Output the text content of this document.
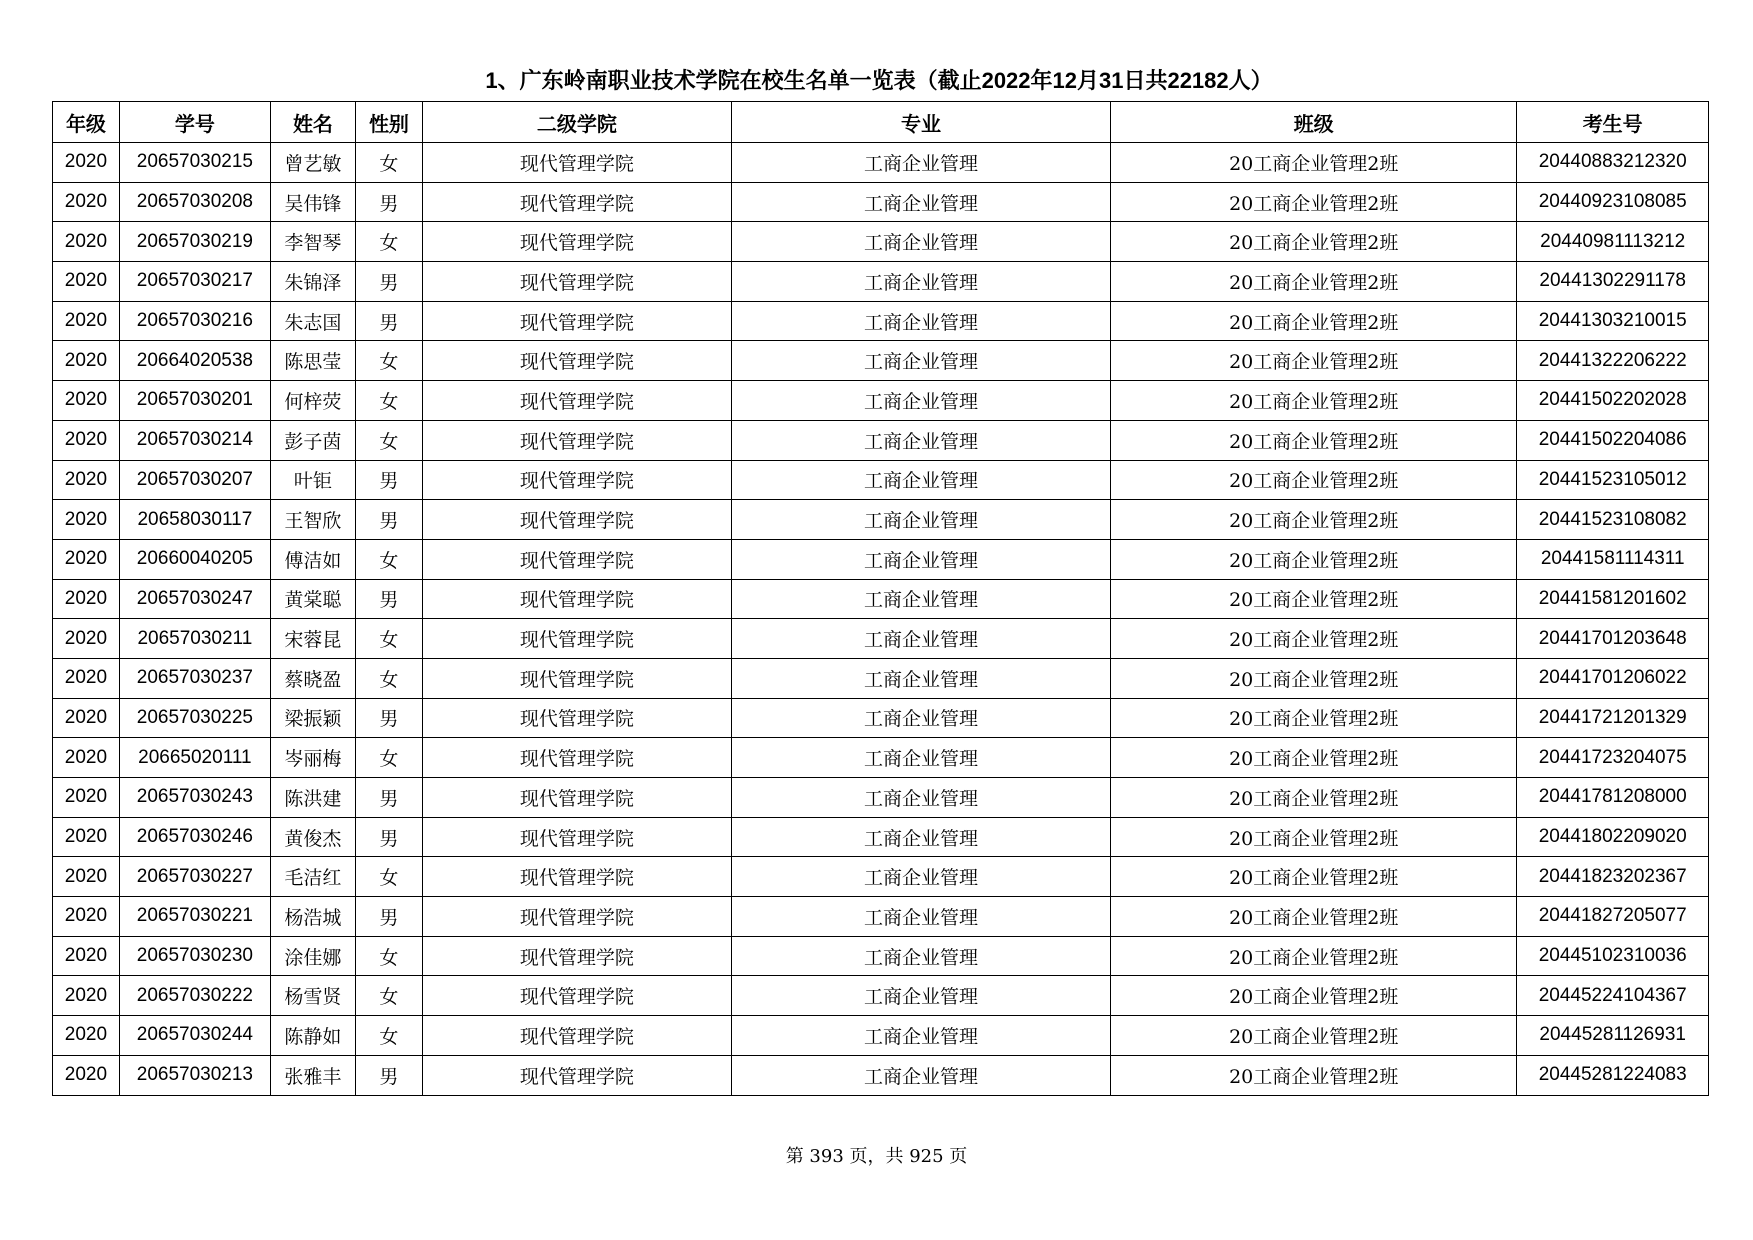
1、广东岭南职业技术学院在校生名单一览表（截止2022年12月31日共22182人）
年级	学号	姓名	性别	二级学院	专业	班级	考生号
2020	20657030215	曾艺敏	女	现代管理学院	工商企业管理	20工商企业管理2班	20440883212320
2020	20657030208	吴伟锋	男	现代管理学院	工商企业管理	20工商企业管理2班	20440923108085
2020	20657030219	李智琴	女	现代管理学院	工商企业管理	20工商企业管理2班	20440981113212
2020	20657030217	朱锦泽	男	现代管理学院	工商企业管理	20工商企业管理2班	20441302291178
2020	20657030216	朱志国	男	现代管理学院	工商企业管理	20工商企业管理2班	20441303210015
2020	20664020538	陈思莹	女	现代管理学院	工商企业管理	20工商企业管理2班	20441322206222
2020	20657030201	何梓荧	女	现代管理学院	工商企业管理	20工商企业管理2班	20441502202028
2020	20657030214	彭子茵	女	现代管理学院	工商企业管理	20工商企业管理2班	20441502204086
2020	20657030207	叶钜	男	现代管理学院	工商企业管理	20工商企业管理2班	20441523105012
2020	20658030117	王智欣	男	现代管理学院	工商企业管理	20工商企业管理2班	20441523108082
2020	20660040205	傅洁如	女	现代管理学院	工商企业管理	20工商企业管理2班	20441581114311
2020	20657030247	黄棠聪	男	现代管理学院	工商企业管理	20工商企业管理2班	20441581201602
2020	20657030211	宋蓉昆	女	现代管理学院	工商企业管理	20工商企业管理2班	20441701203648
2020	20657030237	蔡晓盈	女	现代管理学院	工商企业管理	20工商企业管理2班	20441701206022
2020	20657030225	梁振颖	男	现代管理学院	工商企业管理	20工商企业管理2班	20441721201329
2020	20665020111	岑丽梅	女	现代管理学院	工商企业管理	20工商企业管理2班	20441723204075
2020	20657030243	陈洪建	男	现代管理学院	工商企业管理	20工商企业管理2班	20441781208000
2020	20657030246	黄俊杰	男	现代管理学院	工商企业管理	20工商企业管理2班	20441802209020
2020	20657030227	毛洁红	女	现代管理学院	工商企业管理	20工商企业管理2班	20441823202367
2020	20657030221	杨浩城	男	现代管理学院	工商企业管理	20工商企业管理2班	20441827205077
2020	20657030230	涂佳娜	女	现代管理学院	工商企业管理	20工商企业管理2班	20445102310036
2020	20657030222	杨雪贤	女	现代管理学院	工商企业管理	20工商企业管理2班	20445224104367
2020	20657030244	陈静如	女	现代管理学院	工商企业管理	20工商企业管理2班	20445281126931
2020	20657030213	张雅丰	男	现代管理学院	工商企业管理	20工商企业管理2班	20445281224083
第 393 页，共 925 页
